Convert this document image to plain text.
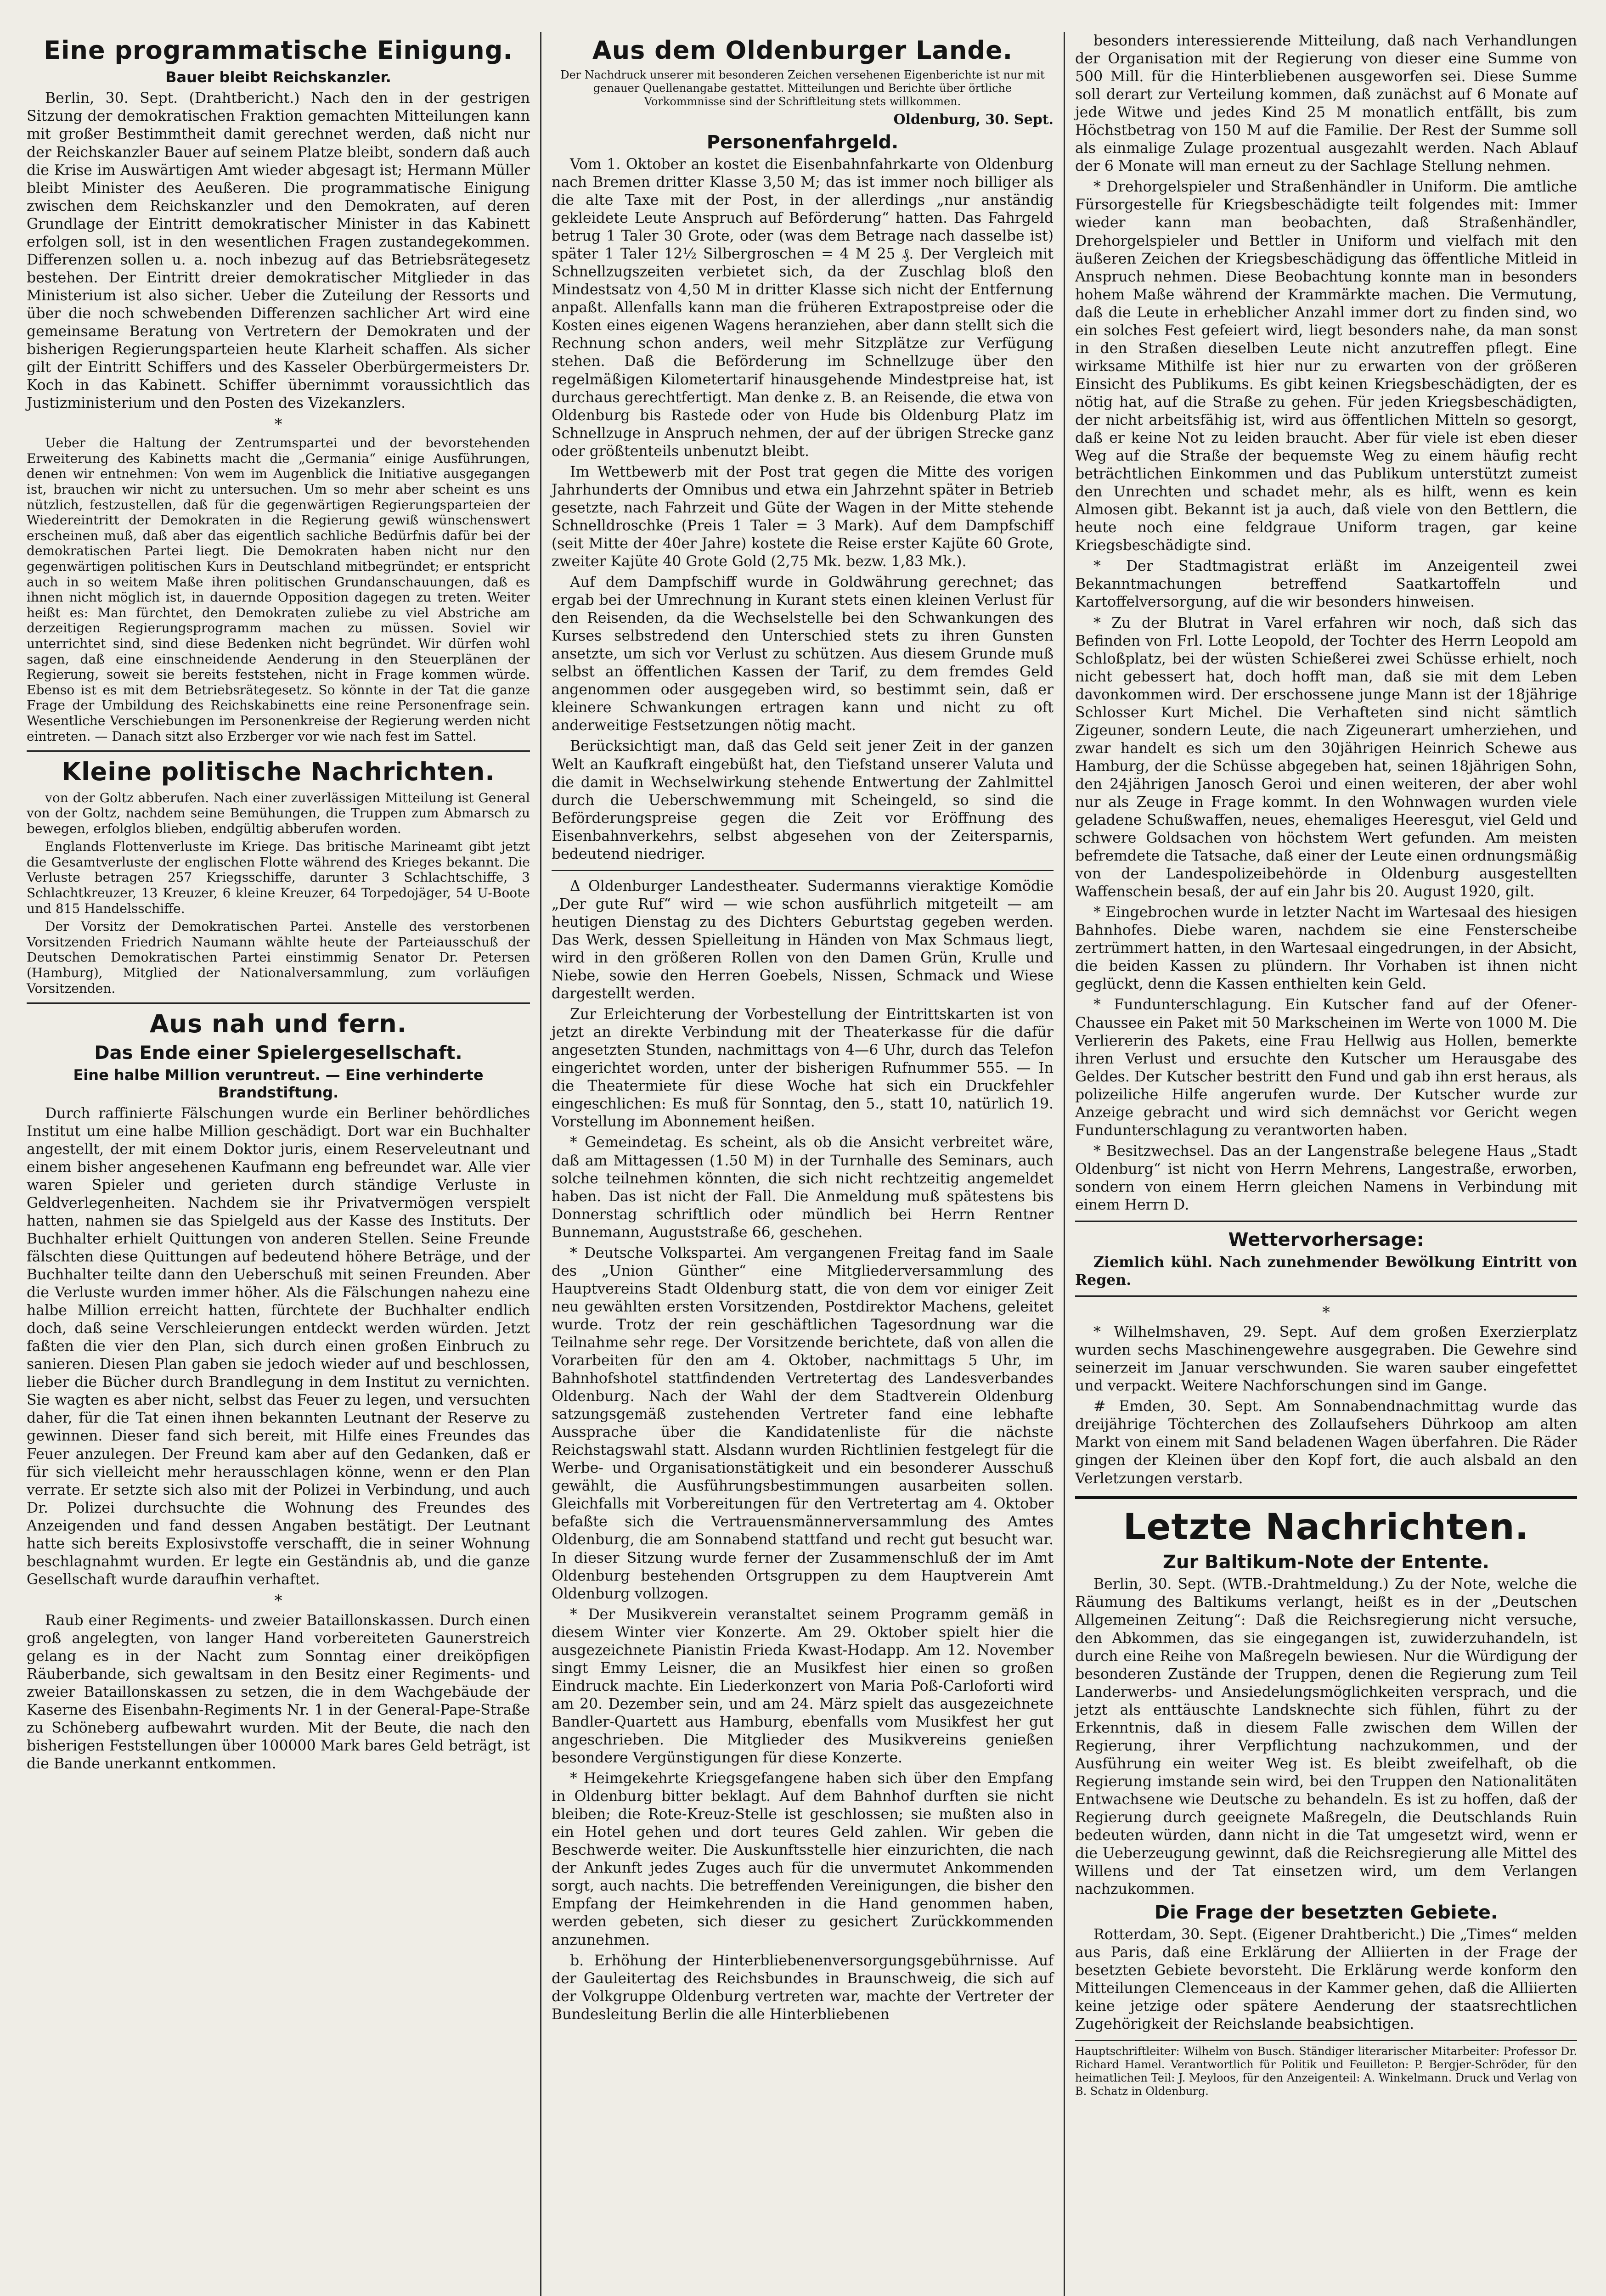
Eine programmatische Einigung.
Bauer bleibt Reichskanzler.

Berlin, 30. Sept. (Drahtbericht.) Nach den in der gestrigen Sitzung der demokratischen Fraktion gemachten Mitteilungen kann mit großer Bestimmtheit damit gerechnet werden, daß nicht nur der Reichskanzler Bauer auf seinem Platze bleibt, sondern daß auch die Krise im Auswärtigen Amt wieder abgesagt ist; Hermann Müller bleibt Minister des Aeußeren. Die programmatische Einigung zwischen dem Reichskanzler und den Demokraten, auf deren Grundlage der Eintritt demokratischer Minister in das Kabinett erfolgen soll, ist in den wesentlichen Fragen zustandegekommen. Differenzen sollen u. a. noch inbezug auf das Betriebsrätegesetz bestehen. Der Eintritt dreier demokratischer Mitglieder in das Ministerium ist also sicher. Ueber die Zuteilung der Ressorts und über die noch schwebenden Differenzen sachlicher Art wird eine gemeinsame Beratung von Vertretern der Demokraten und der bisherigen Regierungsparteien heute Klarheit schaffen. Als sicher gilt der Eintritt Schiffers und des Kasseler Oberbürgermeisters Dr. Koch in das Kabinett. Schiffer übernimmt voraussichtlich das Justizministerium und den Posten des Vizekanzlers.

*

Ueber die Haltung der Zentrumspartei und der bevorstehenden Erweiterung des Kabinetts macht die „Germania“ einige Ausführungen, denen wir entnehmen: Von wem im Augenblick die Initiative ausgegangen ist, brauchen wir nicht zu untersuchen. Um so mehr aber scheint es uns nützlich, festzustellen, daß für die gegenwärtigen Regierungsparteien der Wiedereintritt der Demokraten in die Regierung gewiß wünschenswert erscheinen muß, daß aber das eigentlich sachliche Bedürfnis dafür bei der demokratischen Partei liegt. Die Demokraten haben nicht nur den gegenwärtigen politischen Kurs in Deutschland mitbegründet; er entspricht auch in so weitem Maße ihren politischen Grundanschauungen, daß es ihnen nicht möglich ist, in dauernde Opposition dagegen zu treten. Weiter heißt es: Man fürchtet, den Demokraten zuliebe zu viel Abstriche am derzeitigen Regierungsprogramm machen zu müssen. Soviel wir unterrichtet sind, sind diese Bedenken nicht begründet. Wir dürfen wohl sagen, daß eine einschneidende Aenderung in den Steuerplänen der Regierung, soweit sie bereits feststehen, nicht in Frage kommen würde. Ebenso ist es mit dem Betriebsrätegesetz. So könnte in der Tat die ganze Frage der Umbildung des Reichskabinetts eine reine Personenfrage sein. Wesentliche Verschiebungen im Personenkreise der Regierung werden nicht eintreten. — Danach sitzt also Erzberger vor wie nach fest im Sattel.

Kleine politische Nachrichten.

von der Goltz abberufen. Nach einer zuverlässigen Mitteilung ist General von der Goltz, nachdem seine Bemühungen, die Truppen zum Abmarsch zu bewegen, erfolglos blieben, endgültig abberufen worden.

Englands Flottenverluste im Kriege. Das britische Marineamt gibt jetzt die Gesamtverluste der englischen Flotte während des Krieges bekannt. Die Verluste betragen 257 Kriegsschiffe, darunter 3 Schlachtschiffe, 3 Schlachtkreuzer, 13 Kreuzer, 6 kleine Kreuzer, 64 Torpedojäger, 54 U-Boote und 815 Handelsschiffe.

Der Vorsitz der Demokratischen Partei. Anstelle des verstorbenen Vorsitzenden Friedrich Naumann wählte heute der Parteiausschuß der Deutschen Demokratischen Partei einstimmig Senator Dr. Petersen (Hamburg), Mitglied der Nationalversammlung, zum vorläufigen Vorsitzenden.

Aus nah und fern.
Das Ende einer Spielergesellschaft.
Eine halbe Million veruntreut. — Eine verhinderte Brandstiftung.

Durch raffinierte Fälschungen wurde ein Berliner behördliches Institut um eine halbe Million geschädigt. Dort war ein Buchhalter angestellt, der mit einem Doktor juris, einem Reserveleutnant und einem bisher angesehenen Kaufmann eng befreundet war. Alle vier waren Spieler und gerieten durch ständige Verluste in Geldverlegenheiten. Nachdem sie ihr Privatvermögen verspielt hatten, nahmen sie das Spielgeld aus der Kasse des Instituts. Der Buchhalter erhielt Quittungen von anderen Stellen. Seine Freunde fälschten diese Quittungen auf bedeutend höhere Beträge, und der Buchhalter teilte dann den Ueberschuß mit seinen Freunden. Aber die Verluste wurden immer höher. Als die Fälschungen nahezu eine halbe Million erreicht hatten, fürchtete der Buchhalter endlich doch, daß seine Verschleierungen entdeckt werden würden. Jetzt faßten die vier den Plan, sich durch einen großen Einbruch zu sanieren. Diesen Plan gaben sie jedoch wieder auf und beschlossen, lieber die Bücher durch Brandlegung in dem Institut zu vernichten. Sie wagten es aber nicht, selbst das Feuer zu legen, und versuchten daher, für die Tat einen ihnen bekannten Leutnant der Reserve zu gewinnen. Dieser fand sich bereit, mit Hilfe eines Freundes das Feuer anzulegen. Der Freund kam aber auf den Gedanken, daß er für sich vielleicht mehr herausschlagen könne, wenn er den Plan verrate. Er setzte sich also mit der Polizei in Verbindung, und auch Dr. Polizei durchsuchte die Wohnung des Freundes des Anzeigenden und fand dessen Angaben bestätigt. Der Leutnant hatte sich bereits Explosivstoffe verschafft, die in seiner Wohnung beschlagnahmt wurden. Er legte ein Geständnis ab, und die ganze Gesellschaft wurde daraufhin verhaftet.

*

Raub einer Regiments- und zweier Bataillonskassen. Durch einen groß angelegten, von langer Hand vorbereiteten Gaunerstreich gelang es in der Nacht zum Sonntag einer dreiköpfigen Räuberbande, sich gewaltsam in den Besitz einer Regiments- und zweier Bataillonskassen zu setzen, die in dem Wachgebäude der Kaserne des Eisenbahn-Regiments Nr. 1 in der General-Pape-Straße zu Schöneberg aufbewahrt wurden. Mit der Beute, die nach den bisherigen Feststellungen über 100000 Mark bares Geld beträgt, ist die Bande unerkannt entkommen.

Aus dem Oldenburger Lande.

Der Nachdruck unserer mit besonderen Zeichen versehenen Eigenberichte ist nur mit genauer Quellenangabe gestattet. Mitteilungen und Berichte über örtliche Vorkommnisse sind der Schriftleitung stets willkommen.

Oldenburg, 30. Sept.

Personenfahrgeld.

Vom 1. Oktober an kostet die Eisenbahnfahrkarte von Oldenburg nach Bremen dritter Klasse 3,50 M; das ist immer noch billiger als die alte Taxe mit der Post, in der allerdings „nur anständig gekleidete Leute Anspruch auf Beförderung“ hatten. Das Fahrgeld betrug 1 Taler 30 Grote, oder (was dem Betrage nach dasselbe ist) später 1 Taler 12½ Silbergroschen = 4 M 25 ₰. Der Vergleich mit Schnellzugszeiten verbietet sich, da der Zuschlag bloß den Mindestsatz von 4,50 M in dritter Klasse sich nicht der Entfernung anpaßt. Allenfalls kann man die früheren Extrapostpreise oder die Kosten eines eigenen Wagens heranziehen, aber dann stellt sich die Rechnung schon anders, weil mehr Sitzplätze zur Verfügung stehen. Daß die Beförderung im Schnellzuge über den regelmäßigen Kilometertarif hinausgehende Mindestpreise hat, ist durchaus gerechtfertigt. Man denke z. B. an Reisende, die etwa von Oldenburg bis Rastede oder von Hude bis Oldenburg Platz im Schnellzuge in Anspruch nehmen, der auf der übrigen Strecke ganz oder größtenteils unbenutzt bleibt.

Im Wettbewerb mit der Post trat gegen die Mitte des vorigen Jahrhunderts der Omnibus und etwa ein Jahrzehnt später in Betrieb gesetzte, nach Fahrzeit und Güte der Wagen in der Mitte stehende Schnelldroschke (Preis 1 Taler = 3 Mark). Auf dem Dampfschiff (seit Mitte der 40er Jahre) kostete die Reise erster Kajüte 60 Grote, zweiter Kajüte 40 Grote Gold (2,75 Mk. bezw. 1,83 Mk.).

Auf dem Dampfschiff wurde in Goldwährung gerechnet; das ergab bei der Umrechnung in Kurant stets einen kleinen Verlust für den Reisenden, da die Wechselstelle bei den Schwankungen des Kurses selbstredend den Unterschied stets zu ihren Gunsten ansetzte, um sich vor Verlust zu schützen. Aus diesem Grunde muß selbst an öffentlichen Kassen der Tarif, zu dem fremdes Geld angenommen oder ausgegeben wird, so bestimmt sein, daß er kleinere Schwankungen ertragen kann und nicht zu oft anderweitige Festsetzungen nötig macht.

Berücksichtigt man, daß das Geld seit jener Zeit in der ganzen Welt an Kaufkraft eingebüßt hat, den Tiefstand unserer Valuta und die damit in Wechselwirkung stehende Entwertung der Zahlmittel durch die Ueberschwemmung mit Scheingeld, so sind die Beförderungspreise gegen die Zeit vor Eröffnung des Eisenbahnverkehrs, selbst abgesehen von der Zeitersparnis, bedeutend niedriger.

Δ Oldenburger Landestheater. Sudermanns vieraktige Komödie „Der gute Ruf“ wird — wie schon ausführlich mitgeteilt — am heutigen Dienstag zu des Dichters Geburtstag gegeben werden. Das Werk, dessen Spielleitung in Händen von Max Schmaus liegt, wird in den größeren Rollen von den Damen Grün, Krulle und Niebe, sowie den Herren Goebels, Nissen, Schmack und Wiese dargestellt werden.

Zur Erleichterung der Vorbestellung der Eintrittskarten ist von jetzt an direkte Verbindung mit der Theaterkasse für die dafür angesetzten Stunden, nachmittags von 4—6 Uhr, durch das Telefon eingerichtet worden, unter der bisherigen Rufnummer 555. — In die Theatermiete für diese Woche hat sich ein Druckfehler eingeschlichen: Es muß für Sonntag, den 5., statt 10, natürlich 19. Vorstellung im Abonnement heißen.

* Gemeindetag. Es scheint, als ob die Ansicht verbreitet wäre, daß am Mittagessen (1.50 M) in der Turnhalle des Seminars, auch solche teilnehmen könnten, die sich nicht rechtzeitig angemeldet haben. Das ist nicht der Fall. Die Anmeldung muß spätestens bis Donnerstag schriftlich oder mündlich bei Herrn Rentner Bunnemann, Auguststraße 66, geschehen.

* Deutsche Volkspartei. Am vergangenen Freitag fand im Saale des „Union Günther“ eine Mitgliederversammlung des Hauptvereins Stadt Oldenburg statt, die von dem vor einiger Zeit neu gewählten ersten Vorsitzenden, Postdirektor Machens, geleitet wurde. Trotz der rein geschäftlichen Tagesordnung war die Teilnahme sehr rege. Der Vorsitzende berichtete, daß von allen die Vorarbeiten für den am 4. Oktober, nachmittags 5 Uhr, im Bahnhofshotel stattfindenden Vertretertag des Landesverbandes Oldenburg. Nach der Wahl der dem Stadtverein Oldenburg satzungsgemäß zustehenden Vertreter fand eine lebhafte Aussprache über die Kandidatenliste für die nächste Reichstagswahl statt. Alsdann wurden Richtlinien festgelegt für die Werbe- und Organisationstätigkeit und ein besonderer Ausschuß gewählt, die Ausführungsbestimmungen ausarbeiten sollen. Gleichfalls mit Vorbereitungen für den Vertretertag am 4. Oktober befaßte sich die Vertrauensmännerversammlung des Amtes Oldenburg, die am Sonnabend stattfand und recht gut besucht war. In dieser Sitzung wurde ferner der Zusammenschluß der im Amt Oldenburg bestehenden Ortsgruppen zu dem Hauptverein Amt Oldenburg vollzogen.

* Der Musikverein veranstaltet seinem Programm gemäß in diesem Winter vier Konzerte. Am 29. Oktober spielt hier die ausgezeichnete Pianistin Frieda Kwast-Hodapp. Am 12. November singt Emmy Leisner, die an Musikfest hier einen so großen Eindruck machte. Ein Liederkonzert von Maria Poß-Carloforti wird am 20. Dezember sein, und am 24. März spielt das ausgezeichnete Bandler-Quartett aus Hamburg, ebenfalls vom Musikfest her gut angeschrieben. Die Mitglieder des Musikvereins genießen besondere Vergünstigungen für diese Konzerte.

* Heimgekehrte Kriegsgefangene haben sich über den Empfang in Oldenburg bitter beklagt. Auf dem Bahnhof durften sie nicht bleiben; die Rote-Kreuz-Stelle ist geschlossen; sie mußten also in ein Hotel gehen und dort teures Geld zahlen. Wir geben die Beschwerde weiter. Die Auskunftsstelle hier einzurichten, die nach der Ankunft jedes Zuges auch für die unvermutet Ankommenden sorgt, auch nachts. Die betreffenden Vereinigungen, die bisher den Empfang der Heimkehrenden in die Hand genommen haben, werden gebeten, sich dieser zu gesichert Zurückkommenden anzunehmen.

b. Erhöhung der Hinterbliebenenversorgungsgebührnisse. Auf der Gauleitertag des Reichsbundes in Braunschweig, die sich auf der Volkgruppe Oldenburg vertreten war, machte der Vertreter der Bundesleitung Berlin die alle Hinterbliebenen

besonders interessierende Mitteilung, daß nach Verhandlungen der Organisation mit der Regierung von dieser eine Summe von 500 Mill. für die Hinterbliebenen ausgeworfen sei. Diese Summe soll derart zur Verteilung kommen, daß zunächst auf 6 Monate auf jede Witwe und jedes Kind 25 M monatlich entfällt, bis zum Höchstbetrag von 150 M auf die Familie. Der Rest der Summe soll als einmalige Zulage prozentual ausgezahlt werden. Nach Ablauf der 6 Monate will man erneut zu der Sachlage Stellung nehmen.

* Drehorgelspieler und Straßenhändler in Uniform. Die amtliche Fürsorgestelle für Kriegsbeschädigte teilt folgendes mit: Immer wieder kann man beobachten, daß Straßenhändler, Drehorgelspieler und Bettler in Uniform und vielfach mit den äußeren Zeichen der Kriegsbeschädigung das öffentliche Mitleid in Anspruch nehmen. Diese Beobachtung konnte man in besonders hohem Maße während der Krammärkte machen. Die Vermutung, daß die Leute in erheblicher Anzahl immer dort zu finden sind, wo ein solches Fest gefeiert wird, liegt besonders nahe, da man sonst in den Straßen dieselben Leute nicht anzutreffen pflegt. Eine wirksame Mithilfe ist hier nur zu erwarten von der größeren Einsicht des Publikums. Es gibt keinen Kriegsbeschädigten, der es nötig hat, auf die Straße zu gehen. Für jeden Kriegsbeschädigten, der nicht arbeitsfähig ist, wird aus öffentlichen Mitteln so gesorgt, daß er keine Not zu leiden braucht. Aber für viele ist eben dieser Weg auf die Straße der bequemste Weg zu einem häufig recht beträchtlichen Einkommen und das Publikum unterstützt zumeist den Unrechten und schadet mehr, als es hilft, wenn es kein Almosen gibt. Bekannt ist ja auch, daß viele von den Bettlern, die heute noch eine feldgraue Uniform tragen, gar keine Kriegsbeschädigte sind.

* Der Stadtmagistrat erläßt im Anzeigenteil zwei Bekanntmachungen betreffend Saatkartoffeln und Kartoffelversorgung, auf die wir besonders hinweisen.

* Zu der Blutrat in Varel erfahren wir noch, daß sich das Befinden von Frl. Lotte Leopold, der Tochter des Herrn Leopold am Schloßplatz, bei der wüsten Schießerei zwei Schüsse erhielt, noch nicht gebessert hat, doch hofft man, daß sie mit dem Leben davonkommen wird. Der erschossene junge Mann ist der 18jährige Schlosser Kurt Michel. Die Verhafteten sind nicht sämtlich Zigeuner, sondern Leute, die nach Zigeunerart umherziehen, und zwar handelt es sich um den 30jährigen Heinrich Schewe aus Hamburg, der die Schüsse abgegeben hat, seinen 18jährigen Sohn, den 24jährigen Janosch Geroi und einen weiteren, der aber wohl nur als Zeuge in Frage kommt. In den Wohnwagen wurden viele geladene Schußwaffen, neues, ehemaliges Heeresgut, viel Geld und schwere Goldsachen von höchstem Wert gefunden. Am meisten befremdete die Tatsache, daß einer der Leute einen ordnungsmäßig von der Landespolizeibehörde in Oldenburg ausgestellten Waffenschein besaß, der auf ein Jahr bis 20. August 1920, gilt.

* Eingebrochen wurde in letzter Nacht im Wartesaal des hiesigen Bahnhofes. Diebe waren, nachdem sie eine Fensterscheibe zertrümmert hatten, in den Wartesaal eingedrungen, in der Absicht, die beiden Kassen zu plündern. Ihr Vorhaben ist ihnen nicht geglückt, denn die Kassen enthielten kein Geld.

* Fundunterschlagung. Ein Kutscher fand auf der Ofener-Chaussee ein Paket mit 50 Markscheinen im Werte von 1000 M. Die Verliererin des Pakets, eine Frau Hellwig aus Hollen, bemerkte ihren Verlust und ersuchte den Kutscher um Herausgabe des Geldes. Der Kutscher bestritt den Fund und gab ihn erst heraus, als polizeiliche Hilfe angerufen wurde. Der Kutscher wurde zur Anzeige gebracht und wird sich demnächst vor Gericht wegen Fundunterschlagung zu verantworten haben.

* Besitzwechsel. Das an der Langenstraße belegene Haus „Stadt Oldenburg“ ist nicht von Herrn Mehrens, Langestraße, erworben, sondern von einem Herrn gleichen Namens in Verbindung mit einem Herrn D.

Wettervorhersage:

Ziemlich kühl. Nach zunehmender Bewölkung Eintritt von Regen.

*

* Wilhelmshaven, 29. Sept. Auf dem großen Exerzierplatz wurden sechs Maschinengewehre ausgegraben. Die Gewehre sind seinerzeit im Januar verschwunden. Sie waren sauber eingefettet und verpackt. Weitere Nachforschungen sind im Gange.

# Emden, 30. Sept. Am Sonnabendnachmittag wurde das dreijährige Töchterchen des Zollaufsehers Dührkoop am alten Markt von einem mit Sand beladenen Wagen überfahren. Die Räder gingen der Kleinen über den Kopf fort, die auch alsbald an den Verletzungen verstarb.

Letzte Nachrichten.
Zur Baltikum-Note der Entente.

Berlin, 30. Sept. (WTB.-Drahtmeldung.) Zu der Note, welche die Räumung des Baltikums verlangt, heißt es in der „Deutschen Allgemeinen Zeitung“: Daß die Reichsregierung nicht versuche, den Abkommen, das sie eingegangen ist, zuwiderzuhandeln, ist durch eine Reihe von Maßregeln bewiesen. Nur die Würdigung der besonderen Zustände der Truppen, denen die Regierung zum Teil Landerwerbs- und Ansiedelungsmöglichkeiten versprach, und die jetzt als enttäuschte Landsknechte sich fühlen, führt zu der Erkenntnis, daß in diesem Falle zwischen dem Willen der Regierung, ihrer Verpflichtung nachzukommen, und der Ausführung ein weiter Weg ist. Es bleibt zweifelhaft, ob die Regierung imstande sein wird, bei den Truppen den Nationalitäten Entwachsene wie Deutsche zu behandeln. Es ist zu hoffen, daß der Regierung durch geeignete Maßregeln, die Deutschlands Ruin bedeuten würden, dann nicht in die Tat umgesetzt wird, wenn er die Ueberzeugung gewinnt, daß die Reichsregierung alle Mittel des Willens und der Tat einsetzen wird, um dem Verlangen nachzukommen.

Die Frage der besetzten Gebiete.

Rotterdam, 30. Sept. (Eigener Drahtbericht.) Die „Times“ melden aus Paris, daß eine Erklärung der Alliierten in der Frage der besetzten Gebiete bevorsteht. Die Erklärung werde konform den Mitteilungen Clemenceaus in der Kammer gehen, daß die Alliierten keine jetzige oder spätere Aenderung der staatsrechtlichen Zugehörigkeit der Reichslande beabsichtigen.

Hauptschriftleiter: Wilhelm von Busch. Ständiger literarischer Mitarbeiter: Professor Dr. Richard Hamel. Verantwortlich für Politik und Feuilleton: P. Bergjer-Schröder, für den heimatlichen Teil: J. Meyloos, für den Anzeigenteil: A. Winkelmann. Druck und Verlag von B. Schatz in Oldenburg.
